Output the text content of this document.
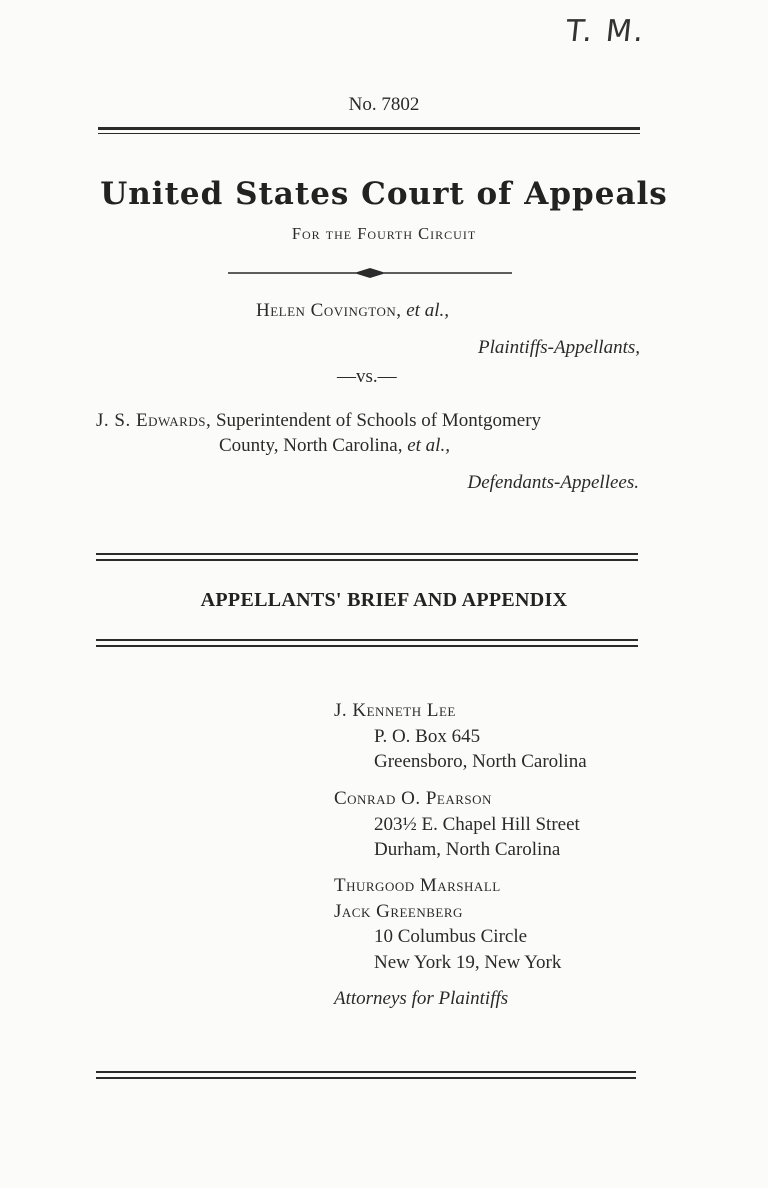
T. M.
No. 7802
United States Court of Appeals
For the Fourth Circuit
Helen Covington, et al.,
Plaintiffs-Appellants,
—vs.—
J. S. Edwards, Superintendent of Schools of Montgomery
County, North Carolina, et al.,
Defendants-Appellees.
APPELLANTS' BRIEF AND APPENDIX
J. Kenneth Lee
P. O. Box 645
Greensboro, North Carolina
Conrad O. Pearson
203½ E. Chapel Hill Street
Durham, North Carolina
Thurgood Marshall
Jack Greenberg
10 Columbus Circle
New York 19, New York
Attorneys for Plaintiffs
